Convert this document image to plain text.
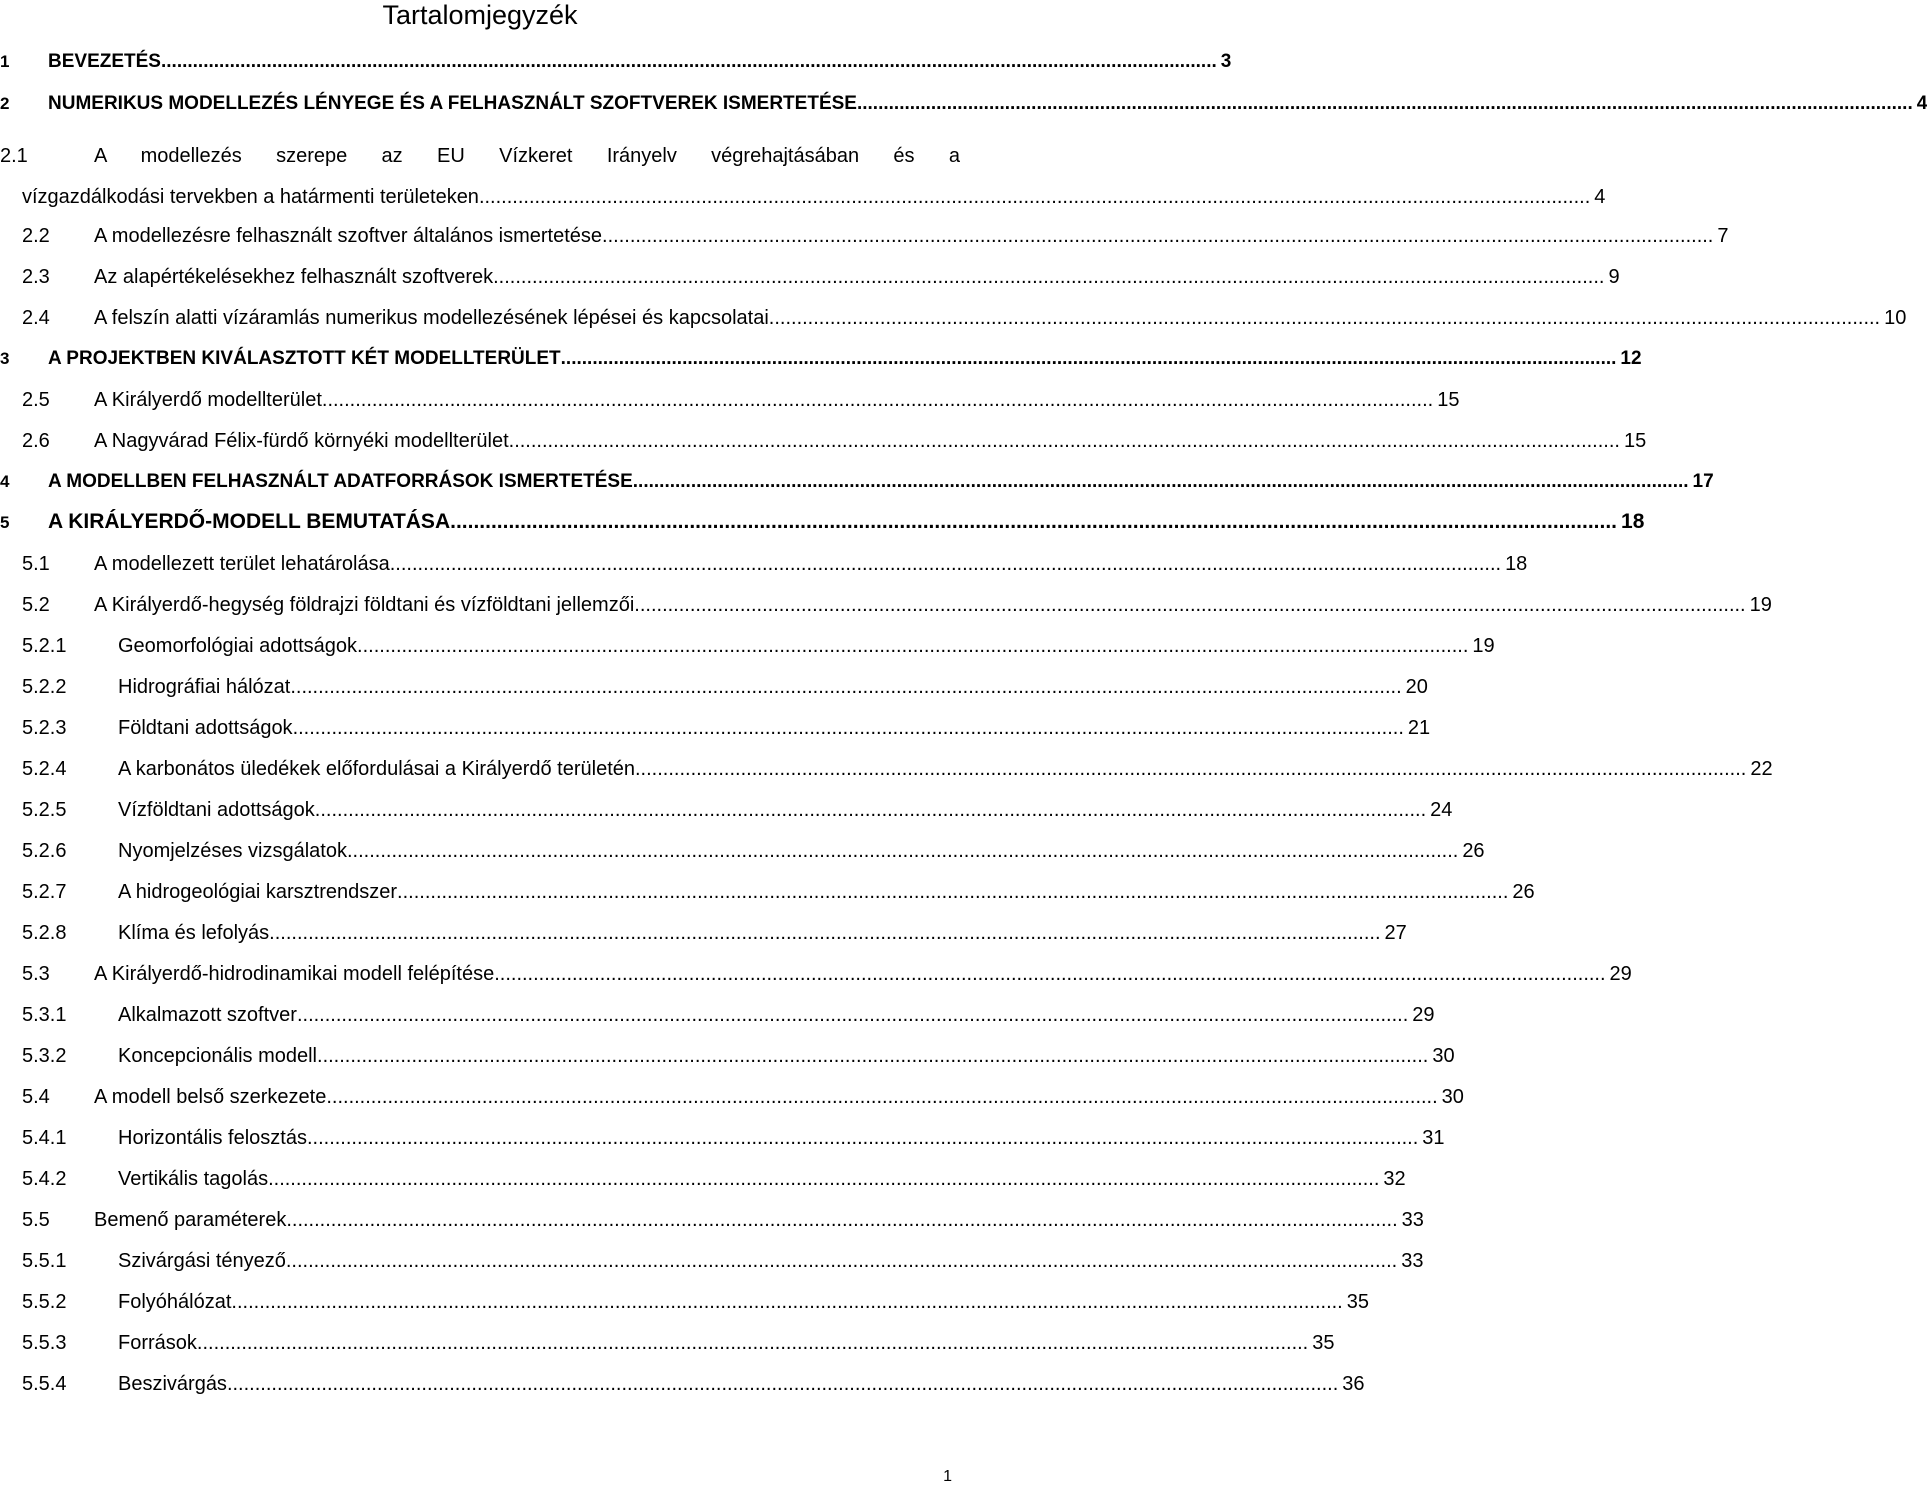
Tartalomjegyzék
1	BEVEZETÉS ........................................................................................................................................................................................................ 3
2	NUMERIKUS MODELLEZÉS LÉNYEGE ÉS A FELHASZNÁLT SZOFTVEREK ISMERTETÉSE ........................................................................................................................................................................................................ 4
2.1	A modellezés szerepe az EU Vízkeret Irányelv végrehajtásában és a
vízgazdálkodási tervekben a határmenti területeken ........................................................................................................................................................................................................ 4
2.2	A modellezésre felhasznált szoftver általános ismertetése ........................................................................................................................................................................................................ 7
2.3	Az alapértékelésekhez felhasznált szoftverek ........................................................................................................................................................................................................ 9
2.4	A felszín alatti vízáramlás numerikus modellezésének lépései és kapcsolatai ........................................................................................................................................................................................................ 10
3	A PROJEKTBEN KIVÁLASZTOTT KÉT MODELLTERÜLET ........................................................................................................................................................................................................ 12
2.5	A Királyerdő modellterület ........................................................................................................................................................................................................ 15
2.6	A Nagyvárad Félix-fürdő környéki modellterület ........................................................................................................................................................................................................ 15
4	A MODELLBEN FELHASZNÁLT ADATFORRÁSOK ISMERTETÉSE ........................................................................................................................................................................................................ 17
5	A KIRÁLYERDŐ-MODELL BEMUTATÁSA ........................................................................................................................................................................................................ 18
5.1	A modellezett terület lehatárolása ........................................................................................................................................................................................................ 18
5.2	A Királyerdő-hegység földrajzi földtani és vízföldtani jellemzői ........................................................................................................................................................................................................ 19
5.2.1	Geomorfológiai adottságok ........................................................................................................................................................................................................ 19
5.2.2	Hidrográfiai hálózat ........................................................................................................................................................................................................ 20
5.2.3	Földtani adottságok ........................................................................................................................................................................................................ 21
5.2.4	A karbonátos üledékek előfordulásai a Királyerdő területén ........................................................................................................................................................................................................ 22
5.2.5	Vízföldtani adottságok ........................................................................................................................................................................................................ 24
5.2.6	Nyomjelzéses vizsgálatok ........................................................................................................................................................................................................ 26
5.2.7	A hidrogeológiai karsztrendszer ........................................................................................................................................................................................................ 26
5.2.8	Klíma és lefolyás ........................................................................................................................................................................................................ 27
5.3	A Királyerdő-hidrodinamikai modell felépítése ........................................................................................................................................................................................................ 29
5.3.1	Alkalmazott szoftver ........................................................................................................................................................................................................ 29
5.3.2	Koncepcionális modell ........................................................................................................................................................................................................ 30
5.4	A modell belső szerkezete ........................................................................................................................................................................................................ 30
5.4.1	Horizontális felosztás ........................................................................................................................................................................................................ 31
5.4.2	Vertikális tagolás ........................................................................................................................................................................................................ 32
5.5	Bemenő paraméterek ........................................................................................................................................................................................................ 33
5.5.1	Szivárgási tényező ........................................................................................................................................................................................................ 33
5.5.2	Folyóhálózat ........................................................................................................................................................................................................ 35
5.5.3	Források ........................................................................................................................................................................................................ 35
5.5.4	Beszivárgás ........................................................................................................................................................................................................ 36
1
